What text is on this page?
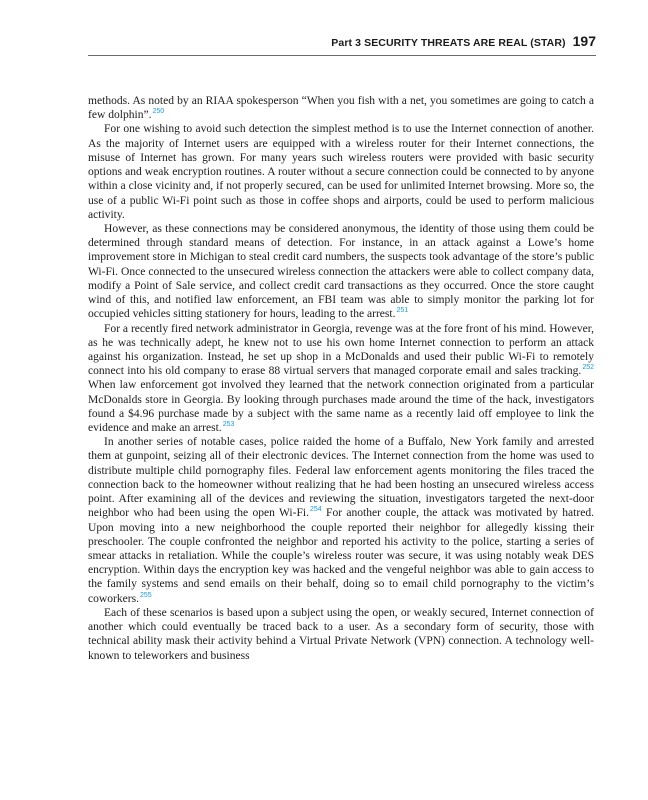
Part 3 SECURITY THREATS ARE REAL (STAR) 197

methods. As noted by an RIAA spokesperson “When you fish with a net, you sometimes are going to catch a few dolphin”.$^{250}$

For one wishing to avoid such detection the simplest method is to use the Internet connection of another. As the majority of Internet users are equipped with a wireless router for their Internet connections, the misuse of Internet has grown. For many years such wireless routers were provided with basic security options and weak encryption routines. A router without a secure connection could be connected to by anyone within a close vicinity and, if not properly secured, can be used for unlimited Internet browsing. More so, the use of a public Wi-Fi point such as those in coffee shops and airports, could be used to perform malicious activity.

However, as these connections may be considered anonymous, the identity of those using them could be determined through standard means of detection. For instance, in an attack against a Lowe’s home improvement store in Michigan to steal credit card numbers, the suspects took advantage of the store’s public Wi-Fi. Once connected to the unsecured wireless connection the attackers were able to collect company data, modify a Point of Sale service, and collect credit card transactions as they occurred. Once the store caught wind of this, and notified law enforcement, an FBI team was able to simply monitor the parking lot for occupied vehicles sitting stationery for hours, leading to the arrest.$^{251}$

For a recently fired network administrator in Georgia, revenge was at the fore front of his mind. However, as he was technically adept, he knew not to use his own home Internet connection to perform an attack against his organization. Instead, he set up shop in a McDonalds and used their public Wi-Fi to remotely connect into his old company to erase 88 virtual servers that managed corporate email and sales tracking.$^{252}$ When law enforcement got involved they learned that the network connection originated from a particular McDonalds store in Georgia. By looking through purchases made around the time of the hack, investigators found a $4.96 purchase made by a subject with the same name as a recently laid off employee to link the evidence and make an arrest.$^{253}$

In another series of notable cases, police raided the home of a Buffalo, New York family and arrested them at gunpoint, seizing all of their electronic devices. The Internet connection from the home was used to distribute multiple child pornography files. Federal law enforcement agents monitoring the files traced the connection back to the homeowner without realizing that he had been hosting an unsecured wireless access point. After examining all of the devices and reviewing the situation, investigators targeted the next-door neighbor who had been using the open Wi-Fi.$^{254}$ For another couple, the attack was motivated by hatred. Upon moving into a new neighborhood the couple reported their neighbor for allegedly kissing their preschooler. The couple confronted the neighbor and reported his activity to the police, starting a series of smear attacks in retaliation. While the couple’s wireless router was secure, it was using notably weak DES encryption. Within days the encryption key was hacked and the vengeful neighbor was able to gain access to the family systems and send emails on their behalf, doing so to email child pornography to the victim’s coworkers.$^{255}$

Each of these scenarios is based upon a subject using the open, or weakly secured, Internet connection of another which could eventually be traced back to a user. As a secondary form of security, those with technical ability mask their activity behind a Virtual Private Network (VPN) connection. A technology well-known to teleworkers and business
